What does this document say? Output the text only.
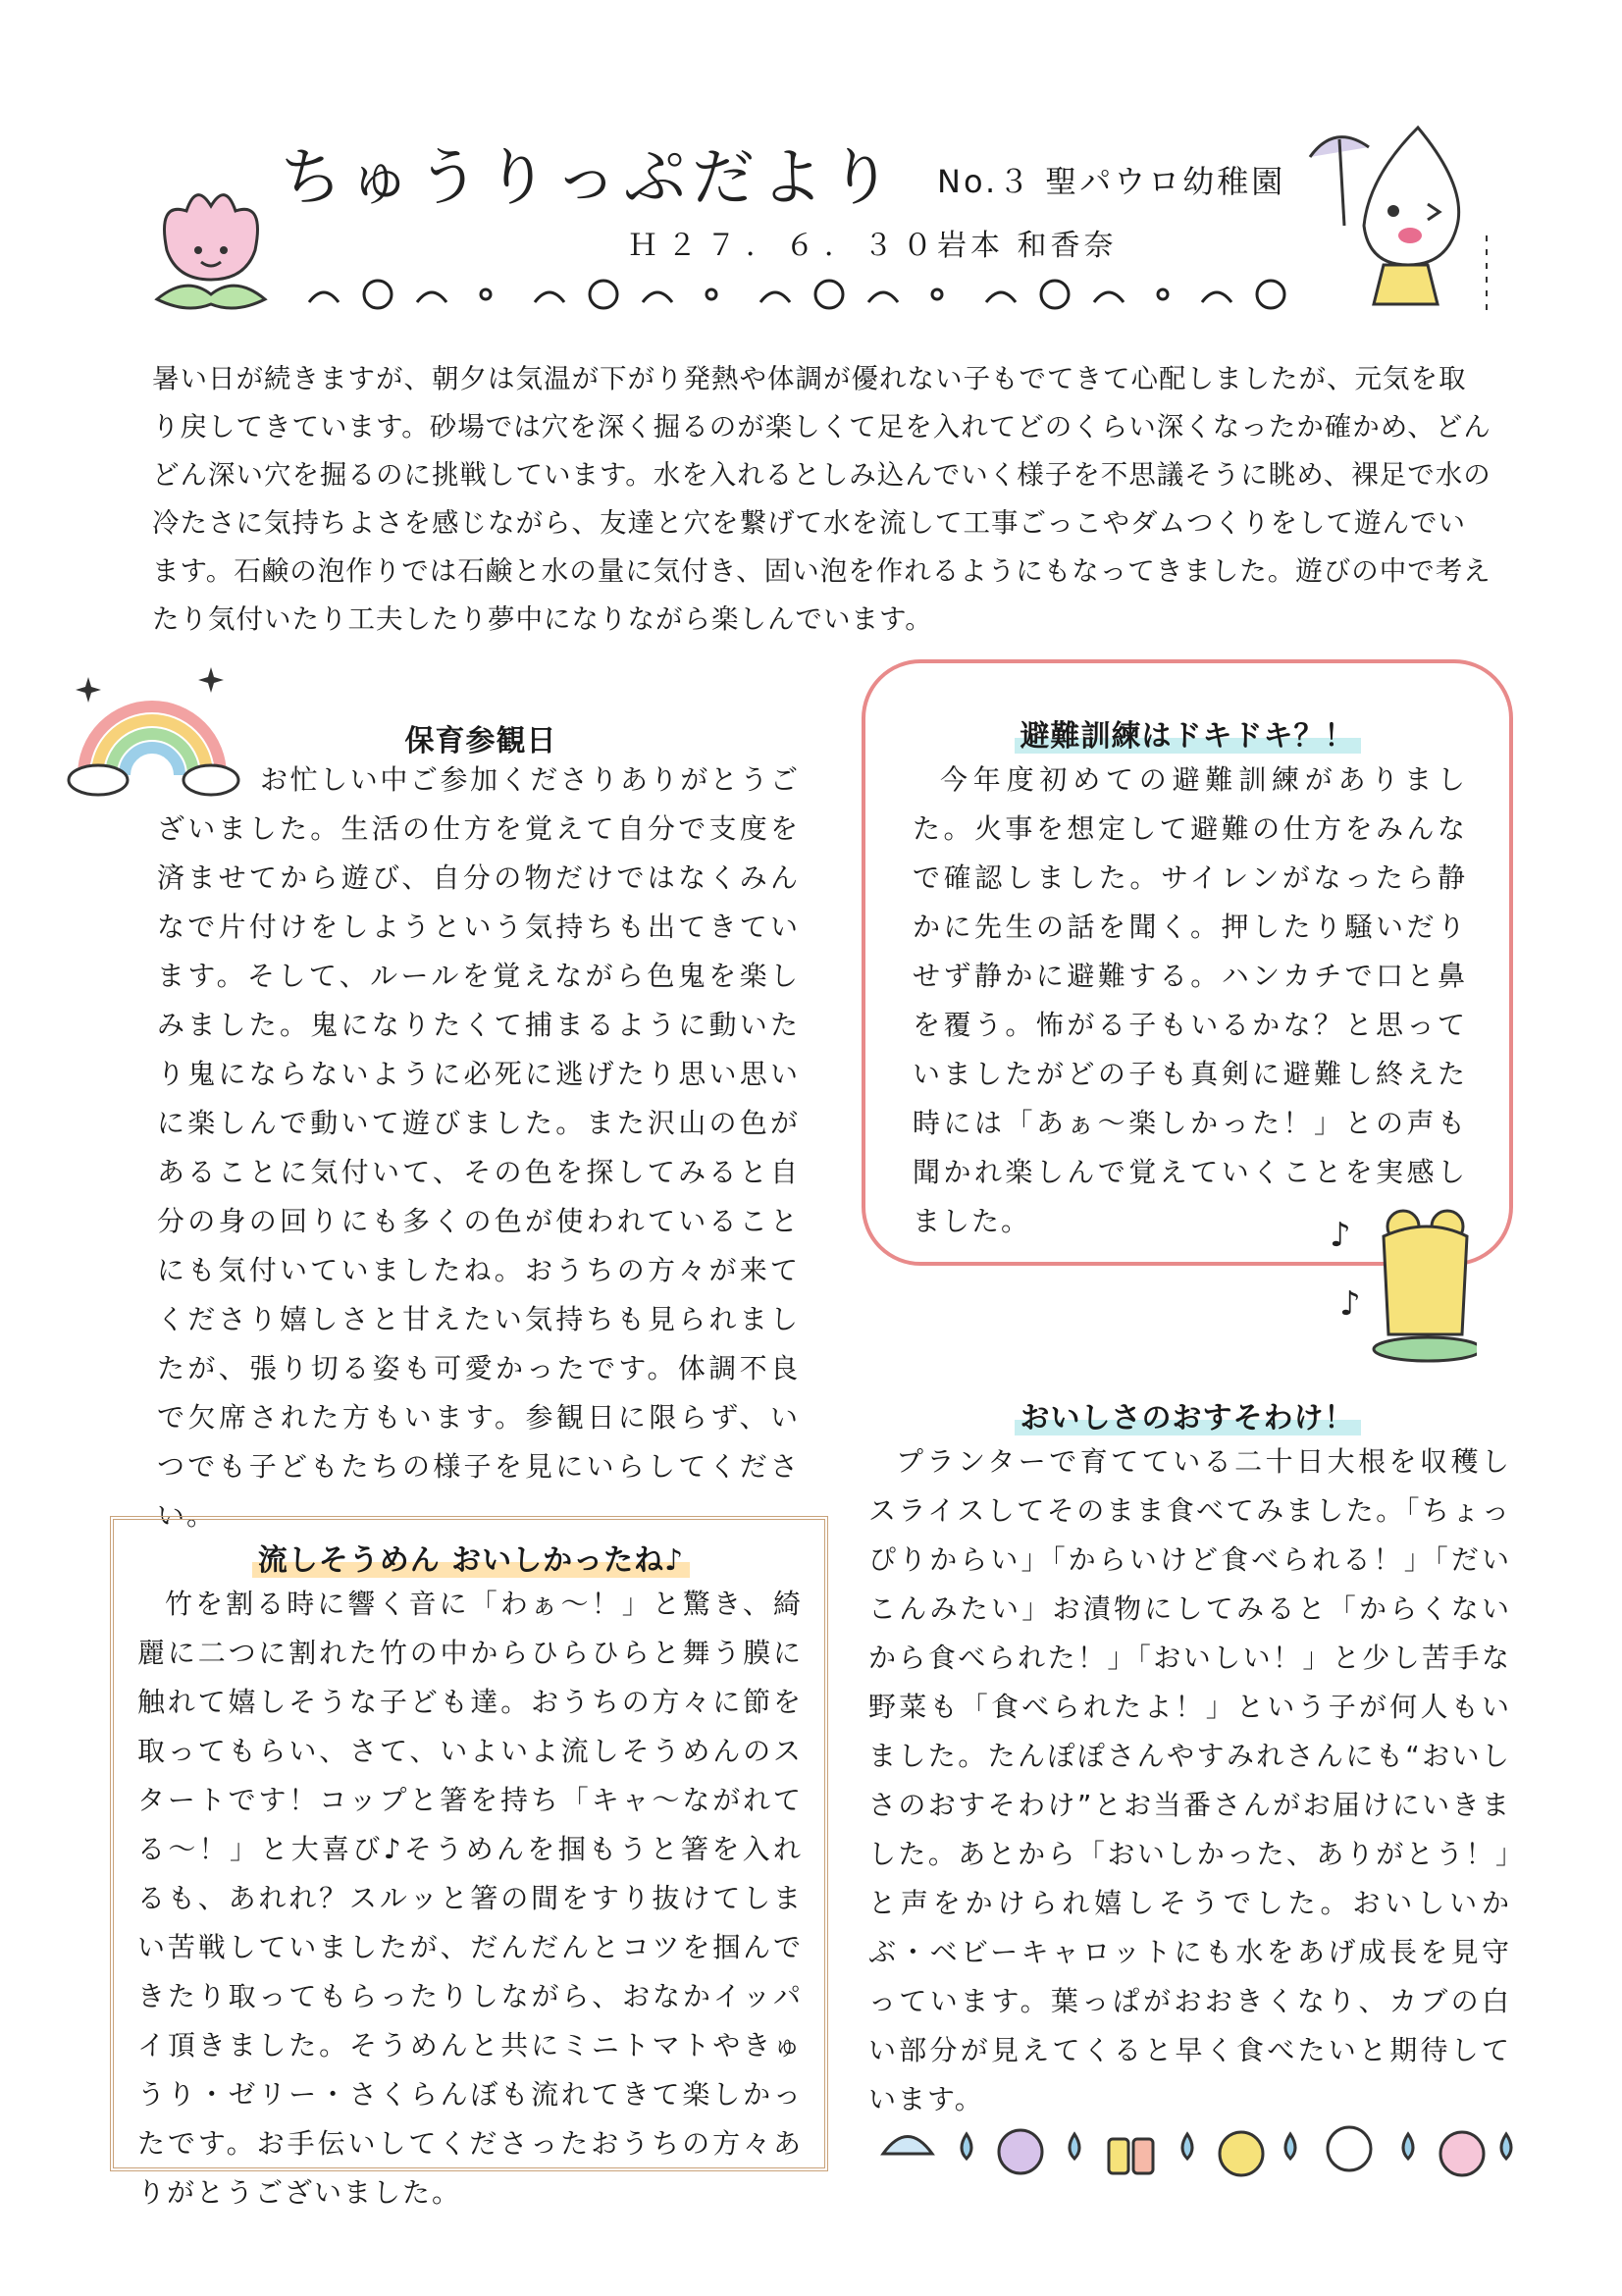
ちゅうりっぷだより No.３ 聖パウロ幼稚園
Ｈ２７．６．３０
岩本 和香奈

暑い日が続きますが、朝夕は気温が下がり発熱や体調が優れない子もでてきて心配しましたが、元気を取り戻してきています。砂場では穴を深く掘るのが楽しくて足を入れてどのくらい深くなったか確かめ、どんどん深い穴を掘るのに挑戦しています。水を入れるとしみ込んでいく様子を不思議そうに眺め、裸足で水の冷たさに気持ちよさを感じながら、友達と穴を繋げて水を流して工事ごっこやダムつくりをして遊んでいます。石鹸の泡作りでは石鹸と水の量に気付き、固い泡を作れるようにもなってきました。遊びの中で考えたり気付いたり工夫したり夢中になりながら楽しんでいます。

保育参観日

お忙しい中ご参加くださりありがとうございました。生活の仕方を覚えて自分で支度を済ませてから遊び、自分の物だけではなくみんなで片付けをしようという気持ちも出てきています。そして、ルールを覚えながら色鬼を楽しみました。鬼になりたくて捕まるように動いたり鬼にならないように必死に逃げたり思い思いに楽しんで動いて遊びました。また沢山の色があることに気付いて、その色を探してみると自分の身の回りにも多くの色が使われていることにも気付いていましたね。おうちの方々が来てくださり嬉しさと甘えたい気持ちも見られましたが、張り切る姿も可愛かったです。体調不良で欠席された方もいます。参観日に限らず、いつでも子どもたちの様子を見にいらしてください。

避難訓練はドキドキ？！

今年度初めての避難訓練がありました。火事を想定して避難の仕方をみんなで確認しました。サイレンがなったら静かに先生の話を聞く。押したり騒いだりせず静かに避難する。ハンカチで口と鼻を覆う。怖がる子もいるかな？と思っていましたがどの子も真剣に避難し終えた時には「あぁ～楽しかった！」との声も聞かれ楽しんで覚えていくことを実感しました。	♪
♪
おいしさのおすそわけ！

プランターで育てている二十日大根を収穫しスライスしてそのまま食べてみました。「ちょっぴりからい」「からいけど食べられる！」「だいこんみたい」お漬物にしてみると「からくないから食べられた！」「おいしい！」と少し苦手な野菜も「食べられたよ！」という子が何人もいました。たんぽぽさんやすみれさんにも“おいしさのおすそわけ”とお当番さんがお届けにいきました。あとから「おいしかった、ありがとう！」と声をかけられ嬉しそうでした。おいしいかぶ・ベビーキャロットにも水をあげ成長を見守っています。葉っぱがおおきくなり、カブの白い部分が見えてくると早く食べたいと期待しています。

流しそうめん おいしかったね♪

竹を割る時に響く音に「わぁ～！」と驚き、綺麗に二つに割れた竹の中からひらひらと舞う膜に触れて嬉しそうな子ども達。おうちの方々に節を取ってもらい、さて、いよいよ流しそうめんのスタートです！コップと箸を持ち「キャ～ながれてる～！」と大喜び♪そうめんを掴もうと箸を入れるも、あれれ？スルッと箸の間をすり抜けてしまい苦戦していましたが、だんだんとコツを掴んできたり取ってもらったりしながら、おなかイッパイ頂きました。そうめんと共にミニトマトやきゅうり・ゼリー・さくらんぼも流れてきて楽しかったです。お手伝いしてくださったおうちの方々ありがとうございました。
